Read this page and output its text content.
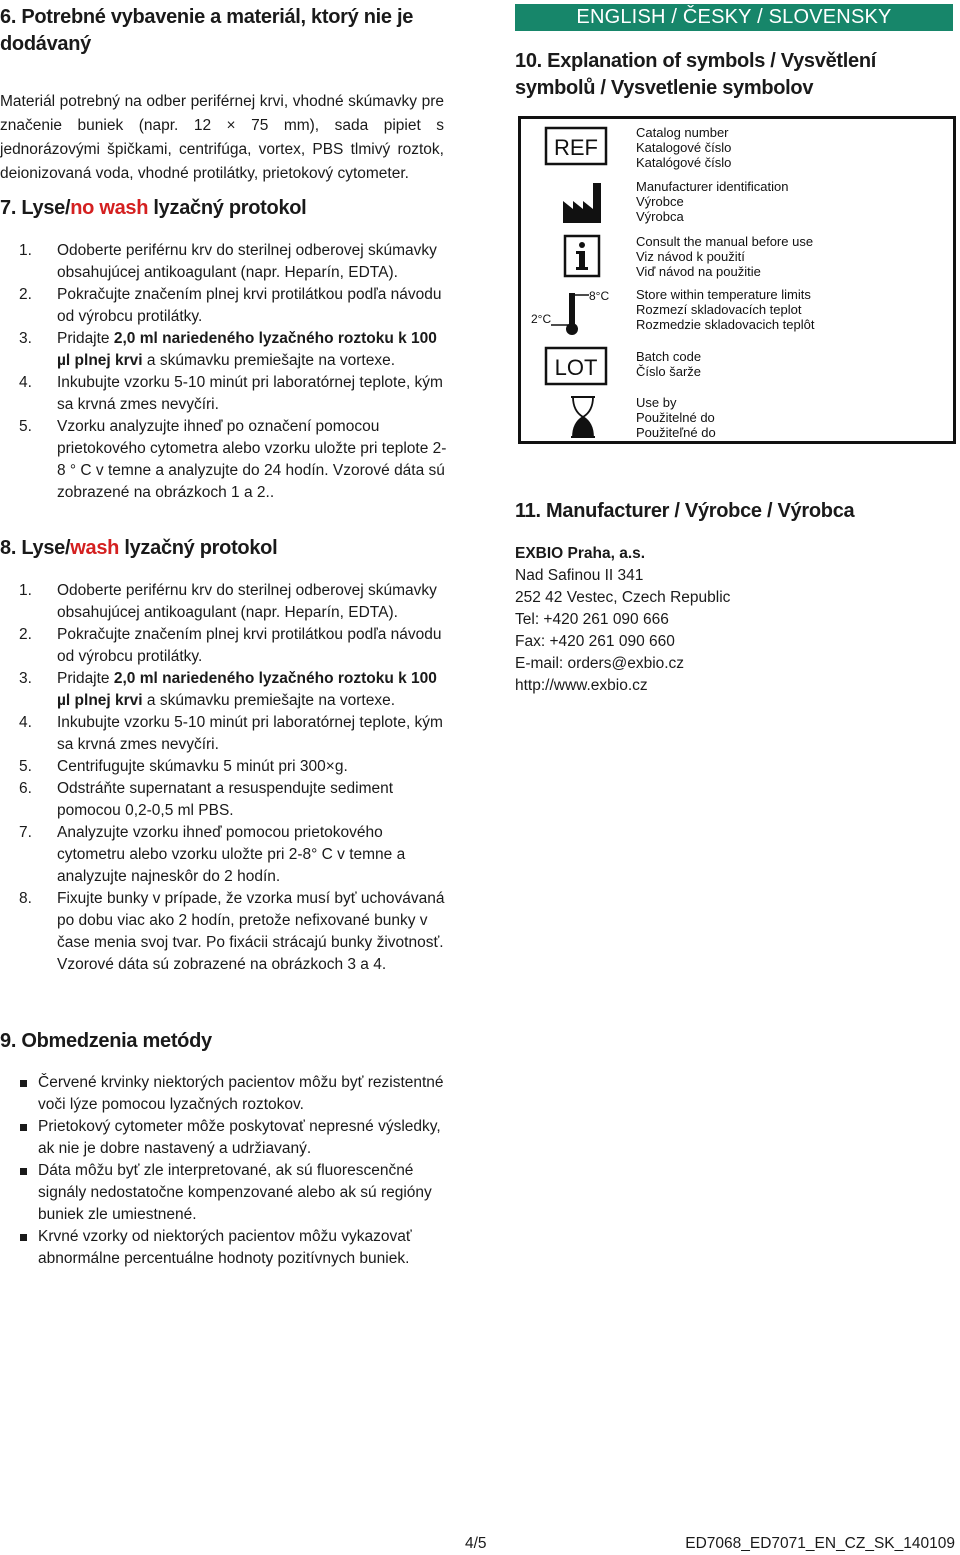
6. Potrebné vybavenie a materiál, ktorý nie je dodávaný

Materiál potrebný na odber periférnej krvi, vhodné skúmavky pre značenie buniek (napr. 12 × 75 mm), sada pipiet s jednorázovými špičkami, centrifúga, vortex, PBS tlmivý roztok, deionizovaná voda, vhodné protilátky, prietokový cytometer.

7. Lyse/no wash lyzačný protokol
1. Odoberte periférnu krv do sterilnej odberovej skúmavky obsahujúcej antikoagulant (napr. Heparín, EDTA).
2. Pokračujte značením plnej krvi protilátkou podľa návodu od výrobcu protilátky.
3. Pridajte 2,0 ml nariedeného lyzačného roztoku k 100 µl plnej krvi a skúmavku premiešajte na vortexe.
4. Inkubujte vzorku 5-10 minút pri laboratórnej teplote, kým sa krvná zmes nevyčíri.
5. Vzorku analyzujte ihneď po označení pomocou prietokového cytometra alebo vzorku uložte pri teplote 2-8 ° C v temne a analyzujte do 24 hodín. Vzorové dáta sú zobrazené na obrázkoch 1 a 2..
8. Lyse/wash lyzačný protokol
1. Odoberte periférnu krv do sterilnej odberovej skúmavky obsahujúcej antikoagulant (napr. Heparín, EDTA).
2. Pokračujte značením plnej krvi protilátkou podľa návodu od výrobcu protilátky.
3. Pridajte 2,0 ml nariedeného lyzačného roztoku k 100 µl plnej krvi a skúmavku premiešajte na vortexe.
4. Inkubujte vzorku 5-10 minút pri laboratórnej teplote, kým sa krvná zmes nevyčíri.
5. Centrifugujte skúmavku 5 minút pri 300×g.
6. Odstráňte supernatant a resuspendujte sediment pomocou 0,2-0,5 ml PBS.
7. Analyzujte vzorku ihneď pomocou prietokového cytometru alebo vzorku uložte pri 2-8° C v temne a analyzujte najneskôr do 2 hodín.
8. Fixujte bunky v prípade, že vzorka musí byť uchovávaná po dobu viac ako 2 hodín, pretože nefixované bunky v čase menia svoj tvar. Po fixácii strácajú bunky životnosť. Vzorové dáta sú zobrazené na obrázkoch 3 a 4.
9. Obmedzenia metódy
Červené krvinky niektorých pacientov môžu byť rezistentné voči lýze pomocou lyzačných roztokov.
Prietokový cytometer môže poskytovať nepresné výsledky, ak nie je dobre nastavený a udržiavaný.
Dáta môžu byť zle interpretované, ak sú fluorescenčné signály nedostatočne kompenzované alebo ak sú regióny buniek zle umiestnené.
Krvné vzorky od niektorých pacientov môžu vykazovať abnormálne percentuálne hodnoty pozitívnych buniek.
ENGLISH / ČESKY / SLOVENSKY
10. Explanation of symbols / Vysvětlení symbolů / Vysvetlenie symbolov
REF
Catalog number
Katalogové číslo
Katalógové číslo
Manufacturer identification
Výrobce
Výrobca
Consult the manual before use
Viz návod k použití
Viď návod na použitie
8°C
2°C
Store within temperature limits
Rozmezí skladovacích teplot
Rozmedzie skladovacich teplôt
LOT	Batch code
Číslo šarže
Use by
Použitelné do
Použiteľné do
11. Manufacturer / Výrobce / Výrobca
EXBIO Praha, a.s.
Nad Safinou II 341
252 42 Vestec, Czech Republic
Tel: +420 261 090 666
Fax: +420 261 090 660
E-mail: orders@exbio.cz
http://www.exbio.cz
4/5	ED7068_ED7071_EN_CZ_SK_140109
